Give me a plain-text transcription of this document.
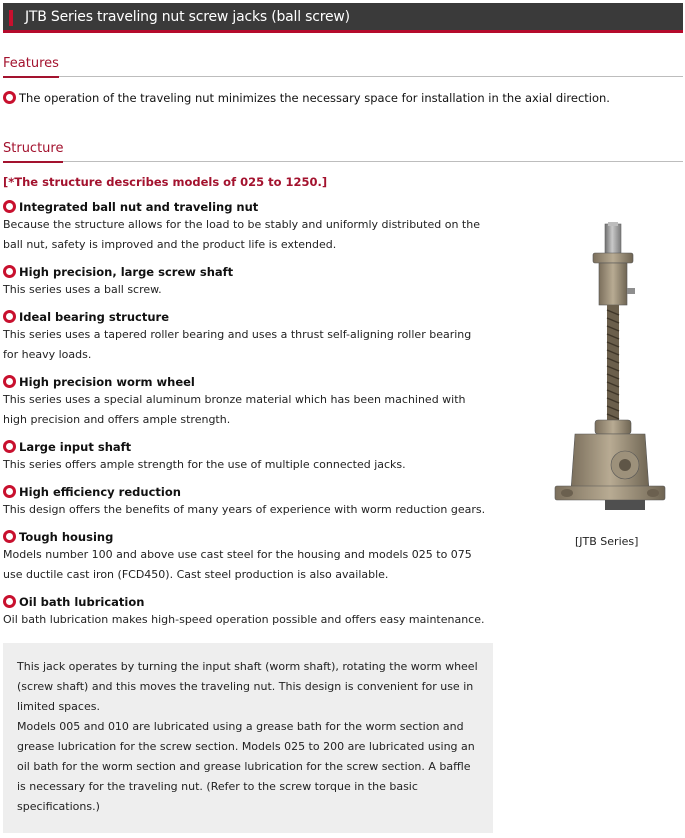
JTB Series traveling nut screw jacks (ball screw)
Features
The operation of the traveling nut minimizes the necessary space for installation in the axial direction.
Structure
[*The structure describes models of 025 to 1250.]
Integrated ball nut and traveling nut
Because the structure allows for the load to be stably and uniformly distributed on the ball nut, safety is improved and the product life is extended.
High precision, large screw shaft
This series uses a ball screw.
Ideal bearing structure
This series uses a tapered roller bearing and uses a thrust self-aligning roller bearing for heavy loads.
High precision worm wheel
This series uses a special aluminum bronze material which has been machined with high precision and offers ample strength.
Large input shaft
This series offers ample strength for the use of multiple connected jacks.
High efficiency reduction
This design offers the benefits of many years of experience with worm reduction gears.
Tough housing
Models number 100 and above use cast steel for the housing and models 025 to 075 use ductile cast iron (FCD450). Cast steel production is also available.
Oil bath lubrication
Oil bath lubrication makes high-speed operation possible and offers easy maintenance.

This jack operates by turning the input shaft (worm shaft), rotating the worm wheel (screw shaft) and this moves the traveling nut. This design is convenient for use in limited spaces.

Models 005 and 010 are lubricated using a grease bath for the worm section and grease lubrication for the screw section. Models 025 to 200 are lubricated using an oil bath for the worm section and grease lubrication for the screw section. A baffle is necessary for the traveling nut. (Refer to the screw torque in the basic specifications.)

[JTB Series]
